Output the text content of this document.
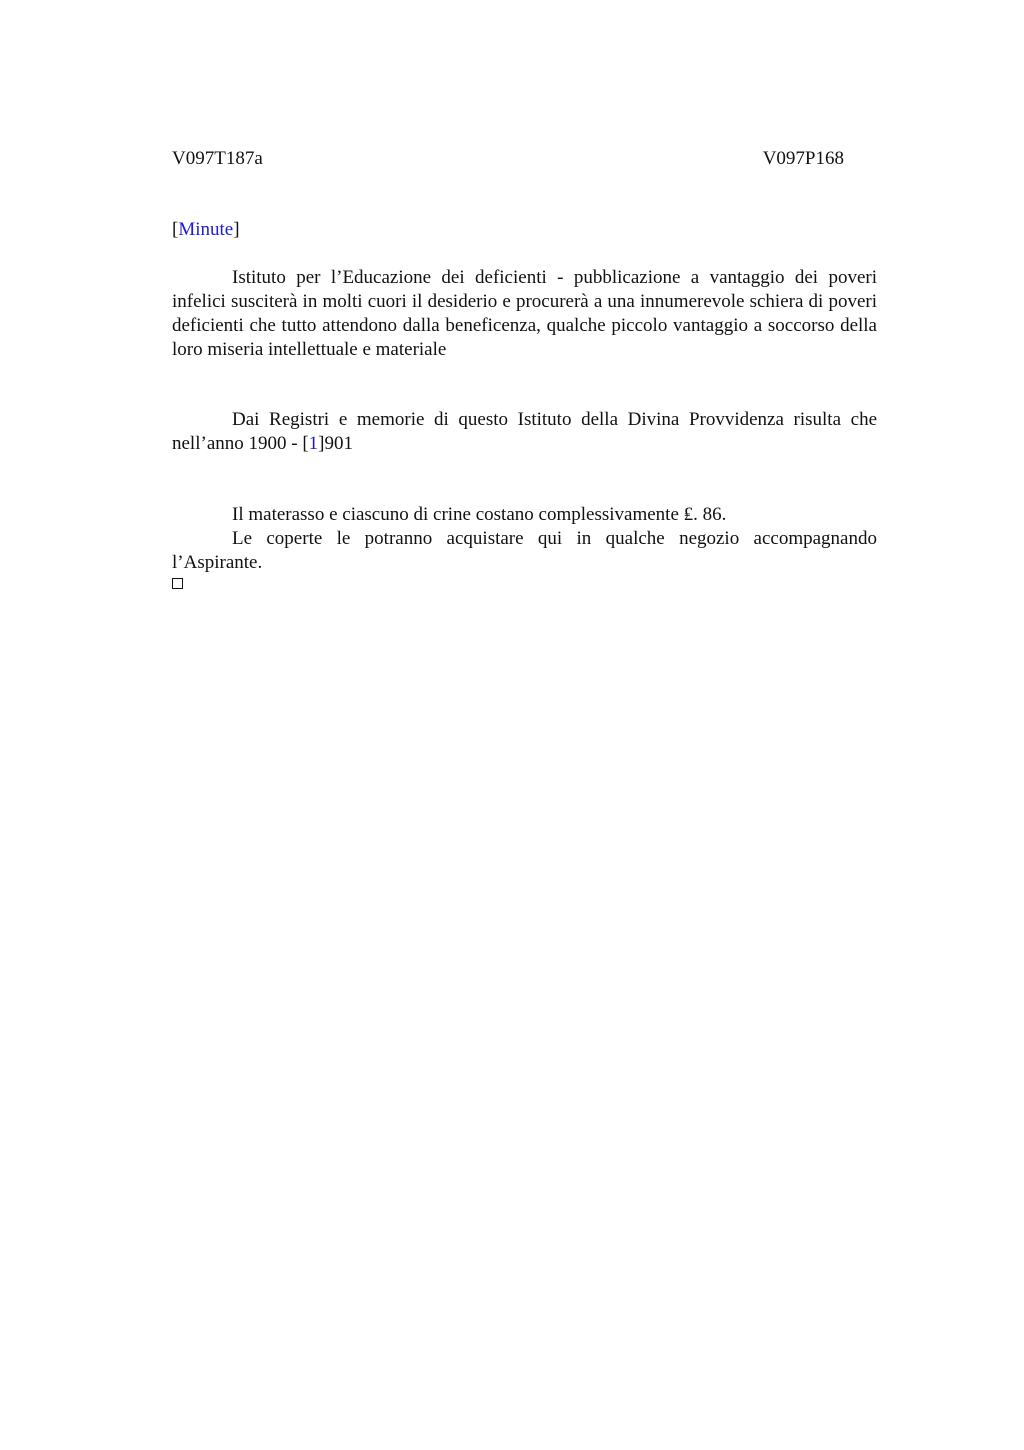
V097T187a	V097P168
[Minute]

Istituto per l’Educazione dei deficienti - pubblicazione a vantaggio dei poveri infelici susciterà in molti cuori il desiderio e procurerà a una innumerevole schiera di poveri deficienti che tutto attendono dalla beneficenza, qualche piccolo vantaggio a soccorso della loro miseria intellettuale e materiale

Dai Registri e memorie di questo Istituto della Divina Provvidenza risulta che nell’anno 1900 - [1]901

Il materasso e ciascuno di crine costano complessivamente ₤. 86.

Le coperte le potranno acquistare qui in qualche negozio accompagnando l’Aspirante.
